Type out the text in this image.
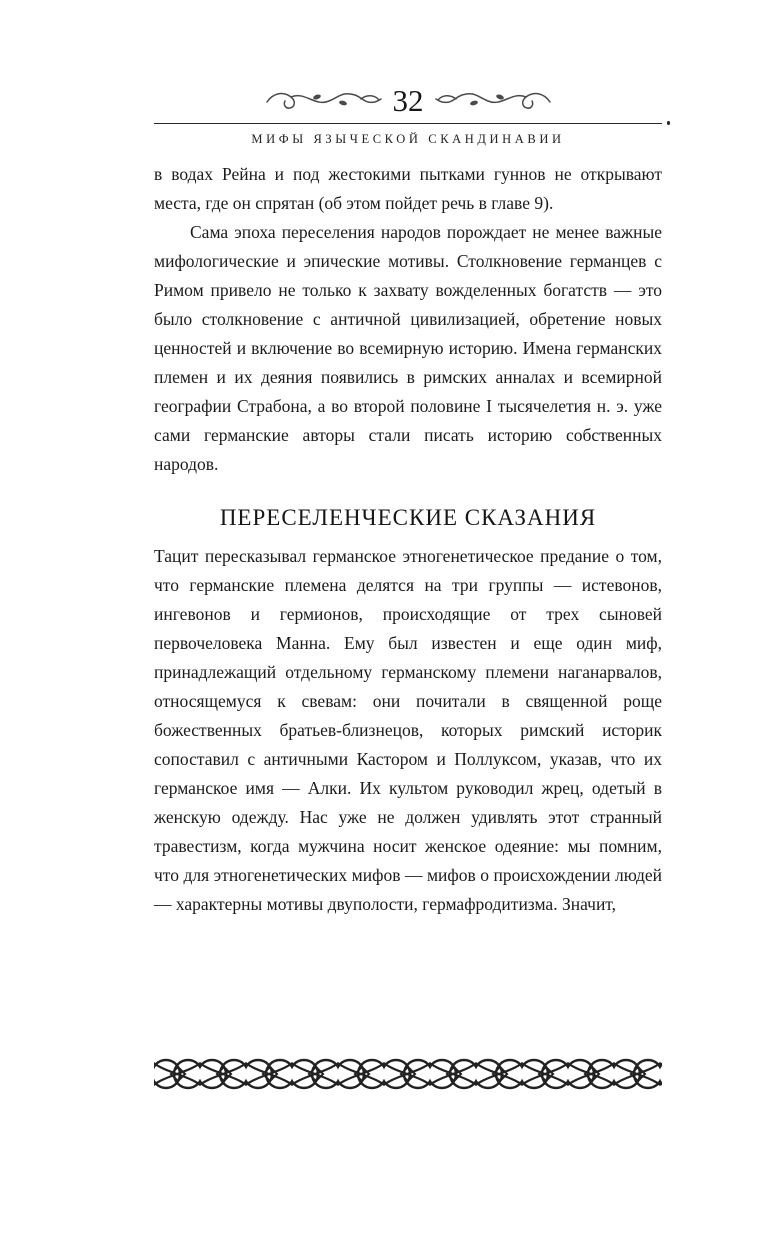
32
МИФЫ ЯЗЫЧЕСКОЙ СКАНДИНАВИИ

в водах Рейна и под жестокими пытками гуннов не открывают места, где он спрятан (об этом пойдет речь в главе 9).

Сама эпоха переселения народов порождает не менее важные мифологические и эпические мотивы. Столкновение германцев с Римом привело не только к захвату вожделенных богатств — это было столкновение с античной цивилизацией, обретение новых ценностей и включение во всемирную историю. Имена германских племен и их деяния появились в римских анналах и всемирной географии Страбона, а во второй половине I тысячелетия н. э. уже сами германские авторы стали писать историю собственных народов.

ПЕРЕСЕЛЕНЧЕСКИЕ СКАЗАНИЯ

Тацит пересказывал германское этногенетическое предание о том, что германские племена делятся на три группы — истевонов, ингевонов и гермионов, происходящие от трех сыновей первочеловека Манна. Ему был известен и еще один миф, принадлежащий отдельному германскому племени наганарвалов, относящемуся к свевам: они почитали в священной роще божественных братьев-близнецов, которых римский историк сопоставил с античными Кастором и Поллуксом, указав, что их германское имя — Алки. Их культом руководил жрец, одетый в женскую одежду. Нас уже не должен удивлять этот странный травестизм, когда мужчина носит женское одеяние: мы помним, что для этногенетических мифов — мифов о происхождении людей — характерны мотивы двуполости, гермафродитизма. Значит,
